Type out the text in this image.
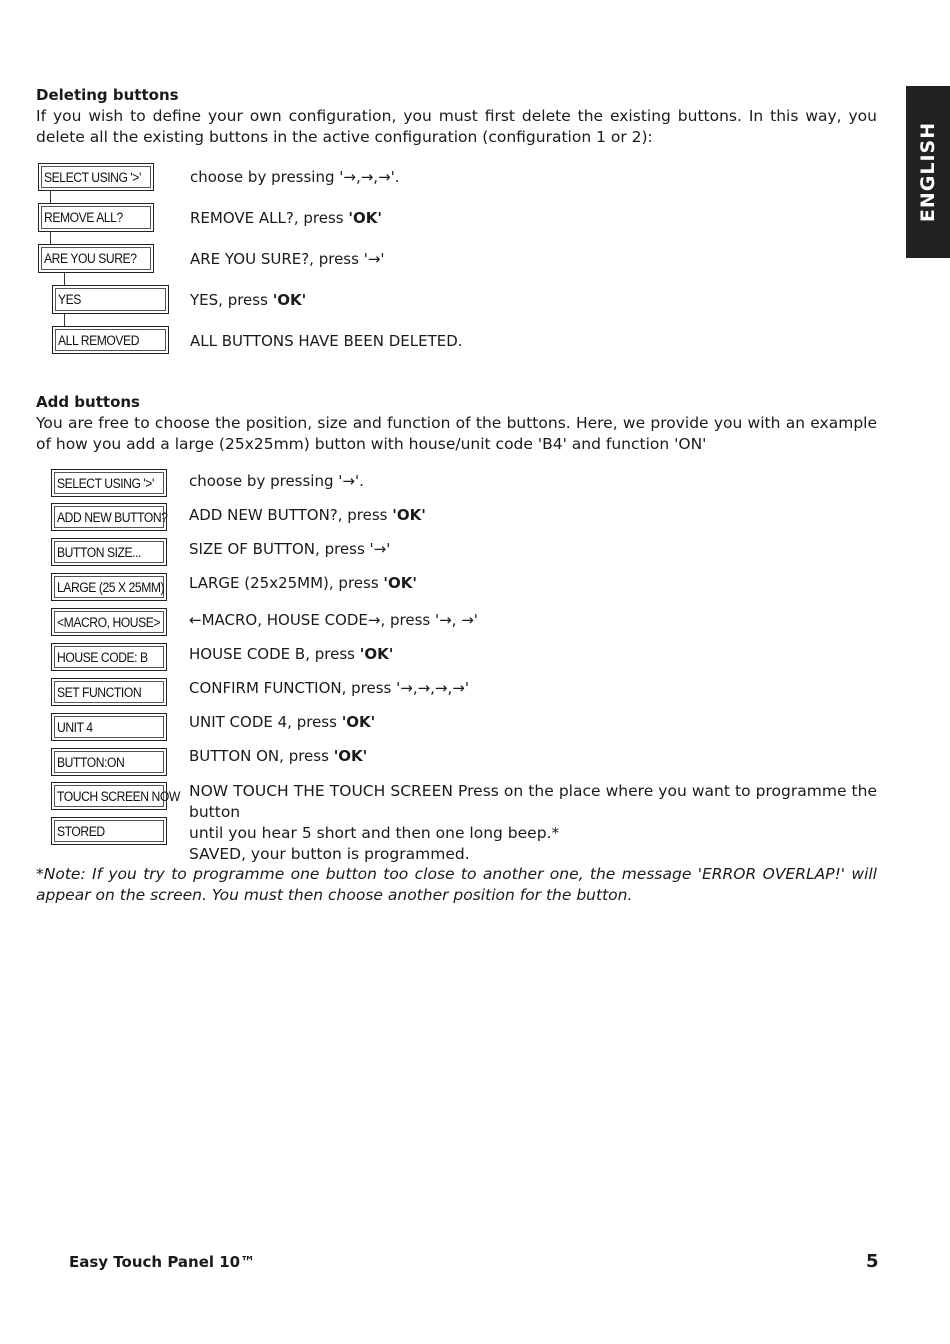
ENGLISH
Deleting buttons
If you wish to define your own configuration, you must first delete the existing buttons. In this way, you delete all the existing buttons in the active configuration (configuration 1 or 2):
SELECT USING '>'
REMOVE ALL?
ARE YOU SURE?
YES
ALL REMOVED
choose by pressing '→,→,→'.
REMOVE ALL?, press 'OK'
ARE YOU SURE?, press '→'
YES, press 'OK'
ALL BUTTONS HAVE BEEN DELETED.
Add buttons
You are free to choose the position, size and function of the buttons. Here, we provide you with an example of how you add a large (25x25mm) button with house/unit code 'B4' and function 'ON'
SELECT USING '>'
ADD NEW BUTTON?
BUTTON SIZE...
LARGE (25 X 25MM)
<MACRO, HOUSE>
HOUSE CODE: B
SET FUNCTION
UNIT 4
BUTTON:ON
TOUCH SCREEN NOW
STORED
choose by pressing '→'.
ADD NEW BUTTON?, press 'OK'
SIZE OF BUTTON, press '→'
LARGE (25x25MM), press 'OK'
←MACRO, HOUSE CODE→, press '→, →'
HOUSE CODE B, press 'OK'
CONFIRM FUNCTION, press '→,→,→,→'
UNIT CODE 4, press 'OK'
BUTTON ON, press 'OK'
NOW TOUCH THE TOUCH SCREEN Press on the place where you want to programme the button
until you hear 5 short and then one long beep.*
SAVED, your button is programmed.
*Note: If you try to programme one button too close to another one, the message 'ERROR OVERLAP!' will appear on the screen. You must then choose another position for the button.
Easy Touch Panel 10™	5
